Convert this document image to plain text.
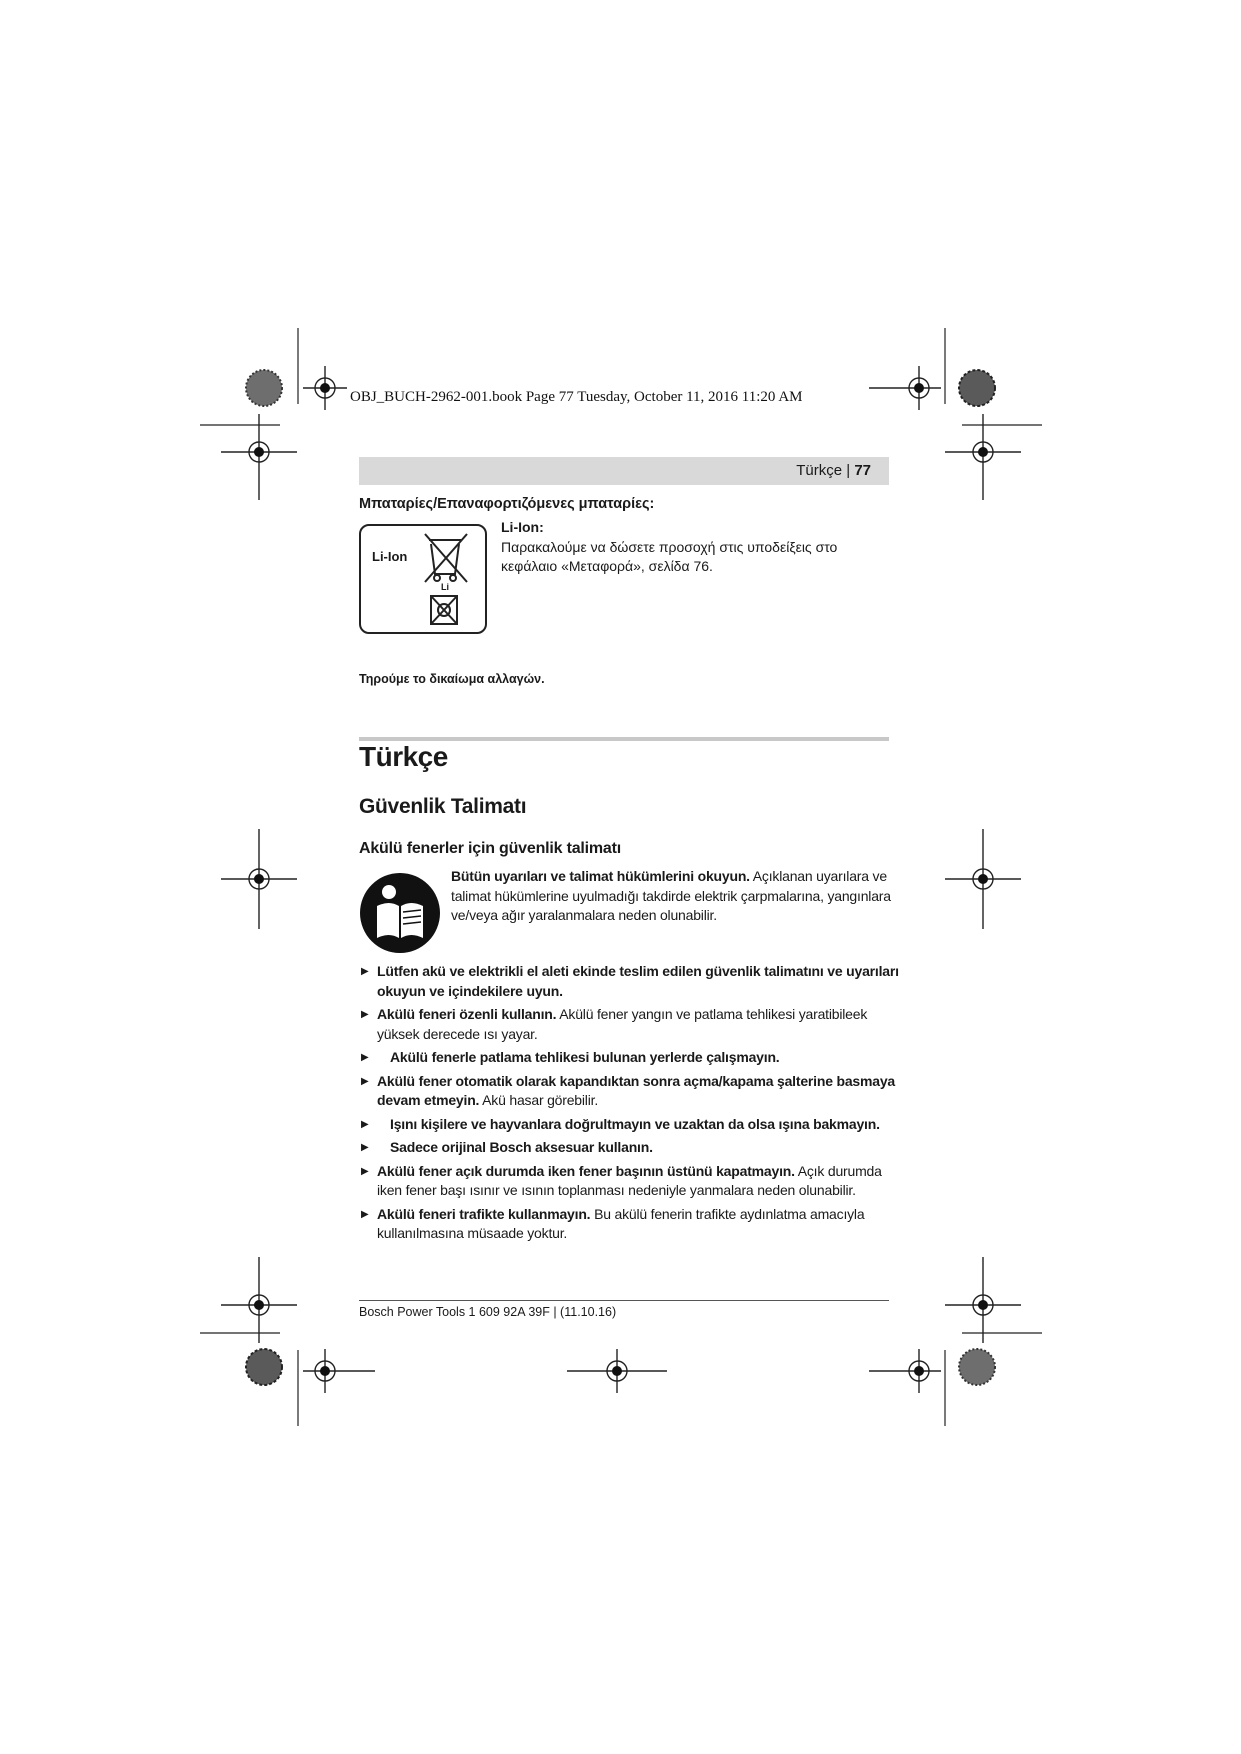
OBJ_BUCH-2962-001.book Page 77 Tuesday, October 11, 2016 11:20 AM
Türkçe | 77
Μπαταρίες/Επαναφορτιζόμενες μπαταρίες:
Li-Ion
Li
Li-Ion:
Παρακαλούμε να δώσετε προσοχή στις υποδείξεις στο κεφάλαιο «Μεταφορά», σελίδα 76.
Τηρούμε το δικαίωμα αλλαγών.
Türkçe
Güvenlik Talimatı
Akülü fenerler için güvenlik talimatı
Bütün uyarıları ve talimat hükümlerini okuyun. Açıklanan uyarılara ve talimat hükümlerine uyulmadığı takdirde elektrik çarpmalarına, yangınlara ve/veya ağır yaralanmalara neden olunabilir.
▶ Lütfen akü ve elektrikli el aleti ekinde teslim edilen güvenlik talimatını ve uyarıları okuyun ve içindekilere uyun.
▶ Akülü feneri özenli kullanın. Akülü fener yangın ve patlama tehlikesi yaratibileek yüksek derecede ısı yayar.
▶ Akülü fenerle patlama tehlikesi bulunan yerlerde çalışmayın.
▶ Akülü fener otomatik olarak kapandıktan sonra açma/kapama şalterine basmaya devam etmeyin. Akü hasar görebilir.
▶ Işını kişilere ve hayvanlara doğrultmayın ve uzaktan da olsa ışına bakmayın.
▶ Sadece orijinal Bosch aksesuar kullanın.
▶ Akülü fener açık durumda iken fener başının üstünü kapatmayın. Açık durumda iken fener başı ısınır ve ısının toplanması nedeniyle yanmalara neden olunabilir.
▶ Akülü feneri trafikte kullanmayın. Bu akülü fenerin trafikte aydınlatma amacıyla kullanılmasına müsaade yoktur.
Bosch Power Tools 1 609 92A 39F | (11.10.16)
